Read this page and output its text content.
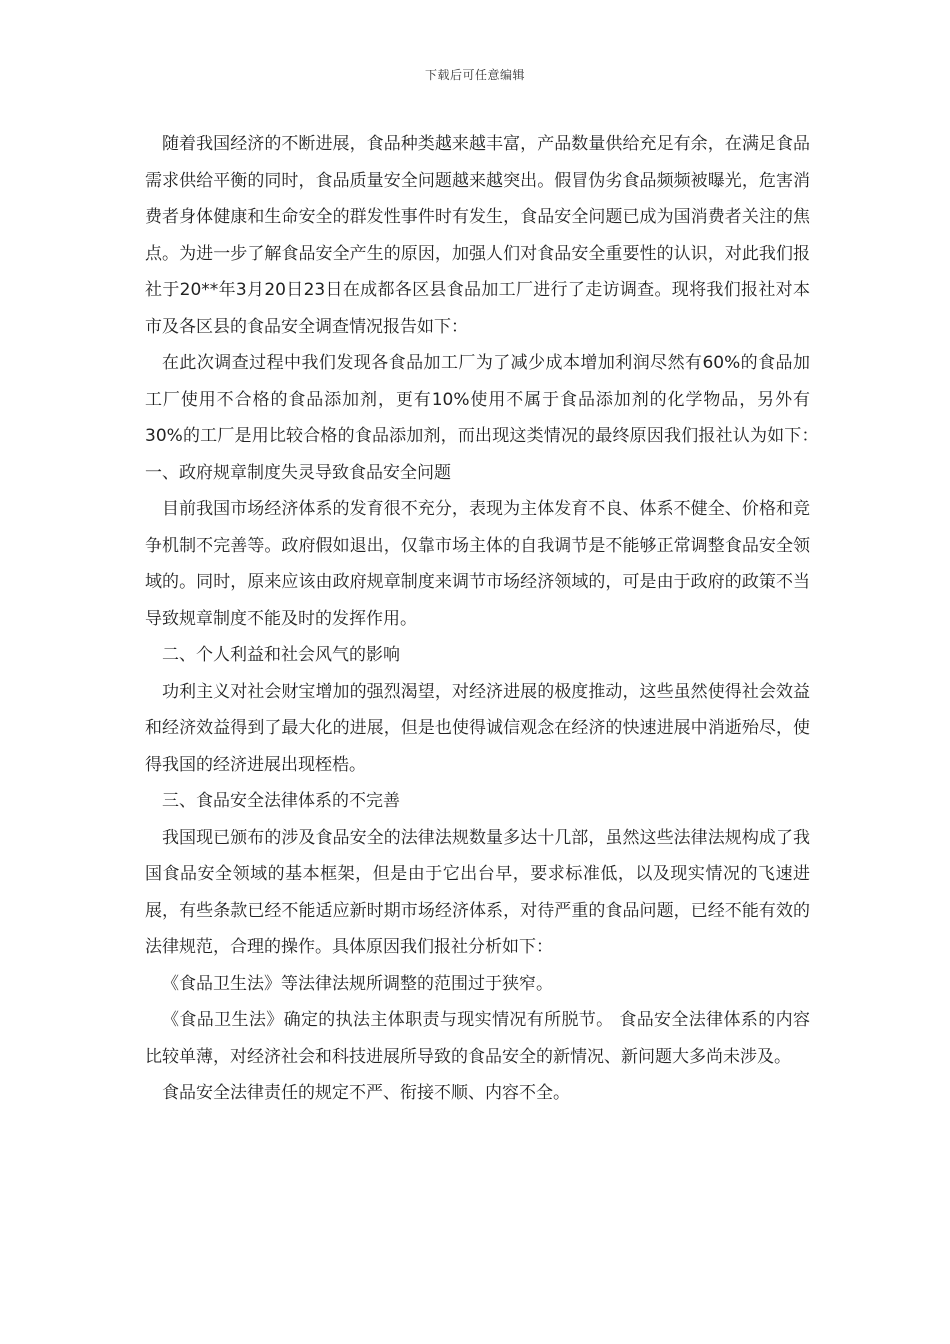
下载后可任意编辑

随着我国经济的不断进展，食品种类越来越丰富，产品数量供给充足有余，在满足食品需求供给平衡的同时，食品质量安全问题越来越突出。假冒伪劣食品频频被曝光，危害消费者身体健康和生命安全的群发性事件时有发生，食品安全问题已成为国消费者关注的焦点。为进一步了解食品安全产生的原因，加强人们对食品安全重要性的认识，对此我们报社于20**年3月20日23日在成都各区县食品加工厂进行了走访调查。现将我们报社对本市及各区县的食品安全调查情况报告如下：

在此次调查过程中我们发现各食品加工厂为了减少成本增加利润尽然有60%的食品加工厂使用不合格的食品添加剂，更有10%使用不属于食品添加剂的化学物品，另外有30%的工厂是用比较合格的食品添加剂，而出现这类情况的最终原因我们报社认为如下：　一、政府规章制度失灵导致食品安全问题

目前我国市场经济体系的发育很不充分，表现为主体发育不良、体系不健全、价格和竞争机制不完善等。政府假如退出，仅靠市场主体的自我调节是不能够正常调整食品安全领域的。同时，原来应该由政府规章制度来调节市场经济领域的，可是由于政府的政策不当导致规章制度不能及时的发挥作用。

二、个人利益和社会风气的影响

功利主义对社会财宝增加的强烈渴望，对经济进展的极度推动，这些虽然使得社会效益和经济效益得到了最大化的进展，但是也使得诚信观念在经济的快速进展中消逝殆尽，使得我国的经济进展出现桎梏。

三、食品安全法律体系的不完善

我国现已颁布的涉及食品安全的法律法规数量多达十几部，虽然这些法律法规构成了我国食品安全领域的基本框架，但是由于它出台早，要求标准低，以及现实情况的飞速进展，有些条款已经不能适应新时期市场经济体系，对待严重的食品问题，已经不能有效的法律规范，合理的操作。具体原因我们报社分析如下：

《食品卫生法》等法律法规所调整的范围过于狭窄。

《食品卫生法》确定的执法主体职责与现实情况有所脱节。 食品安全法律体系的内容比较单薄，对经济社会和科技进展所导致的食品安全的新情况、新问题大多尚未涉及。

食品安全法律责任的规定不严、衔接不顺、内容不全。
